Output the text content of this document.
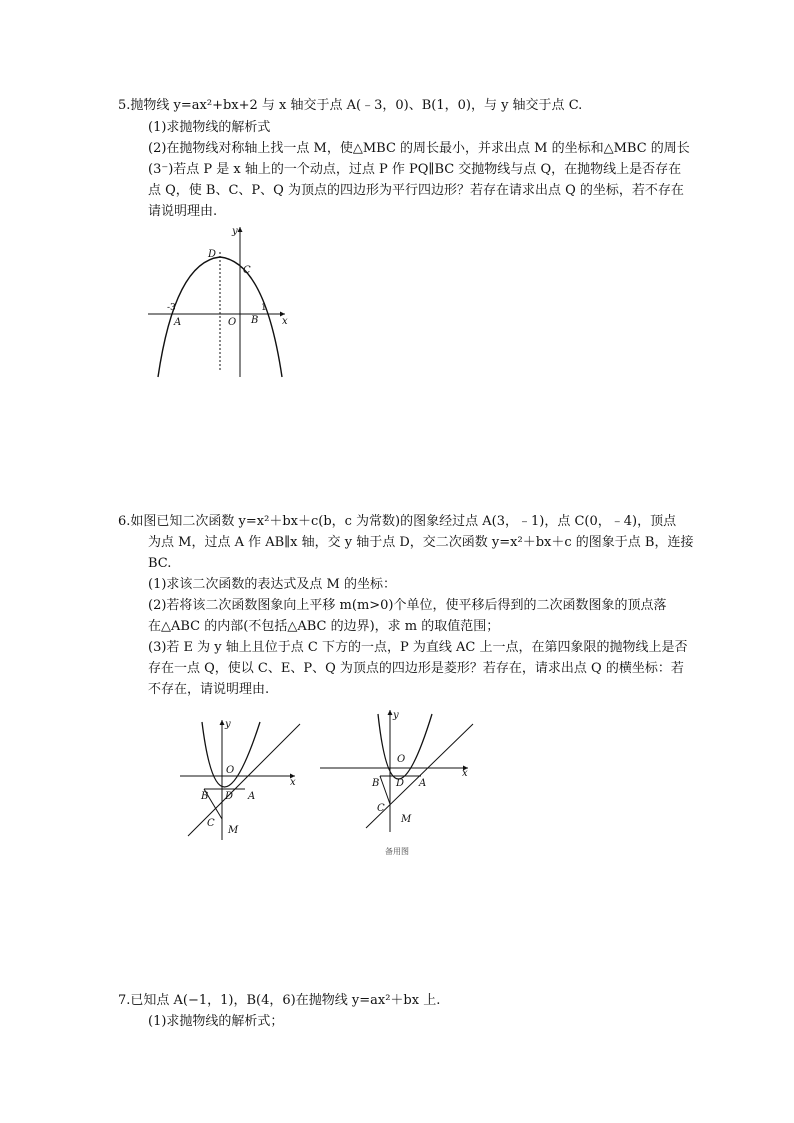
5.抛物线 y=ax²+bx+2 与 x 轴交于点 A(﹣3，0)、B(1，0)，与 y 轴交于点 C.
(1)求抛物线的解析式
(2)在抛物线对称轴上找一点 M，使△MBC 的周长最小，并求出点 M 的坐标和△MBC 的周长
(3⁻)若点 P 是 x 轴上的一个动点，过点 P 作 PQ∥BC 交抛物线与点 Q，在抛物线上是否存在
点 Q，使 B、C、P、Q 为顶点的四边形为平行四边形？若存在请求出点 Q 的坐标，若不存在
请说明理由.
y
x
D
C
-3	1
A	O B
6.如图已知二次函数 y=x²＋bx＋c(b，c 为常数)的图象经过点 A(3，﹣1)，点 C(0，﹣4)，顶点
为点 M，过点 A 作 AB∥x 轴，交 y 轴于点 D，交二次函数 y=x²＋bx＋c 的图象于点 B，连接
BC.
(1)求该二次函数的表达式及点 M 的坐标：
(2)若将该二次函数图象向上平移 m(m>0)个单位，使平移后得到的二次函数图象的顶点落
在△ABC 的内部(不包括△ABC 的边界)，求 m 的取值范围；
(3)若 E 为 y 轴上且位于点 C 下方的一点，P 为直线 AC 上一点，在第四象限的抛物线上是否
存在一点 Q，使以 C、E、P、Q 为顶点的四边形是菱形？若存在，请求出点 Q 的横坐标：若
不存在，请说明理由.
y
x
O
B D A
C
M
y
x
O
B D A
C
M
备用图
7.已知点 A(−1，1)，B(4，6)在抛物线 y=ax²＋bx 上.
(1)求抛物线的解析式；
